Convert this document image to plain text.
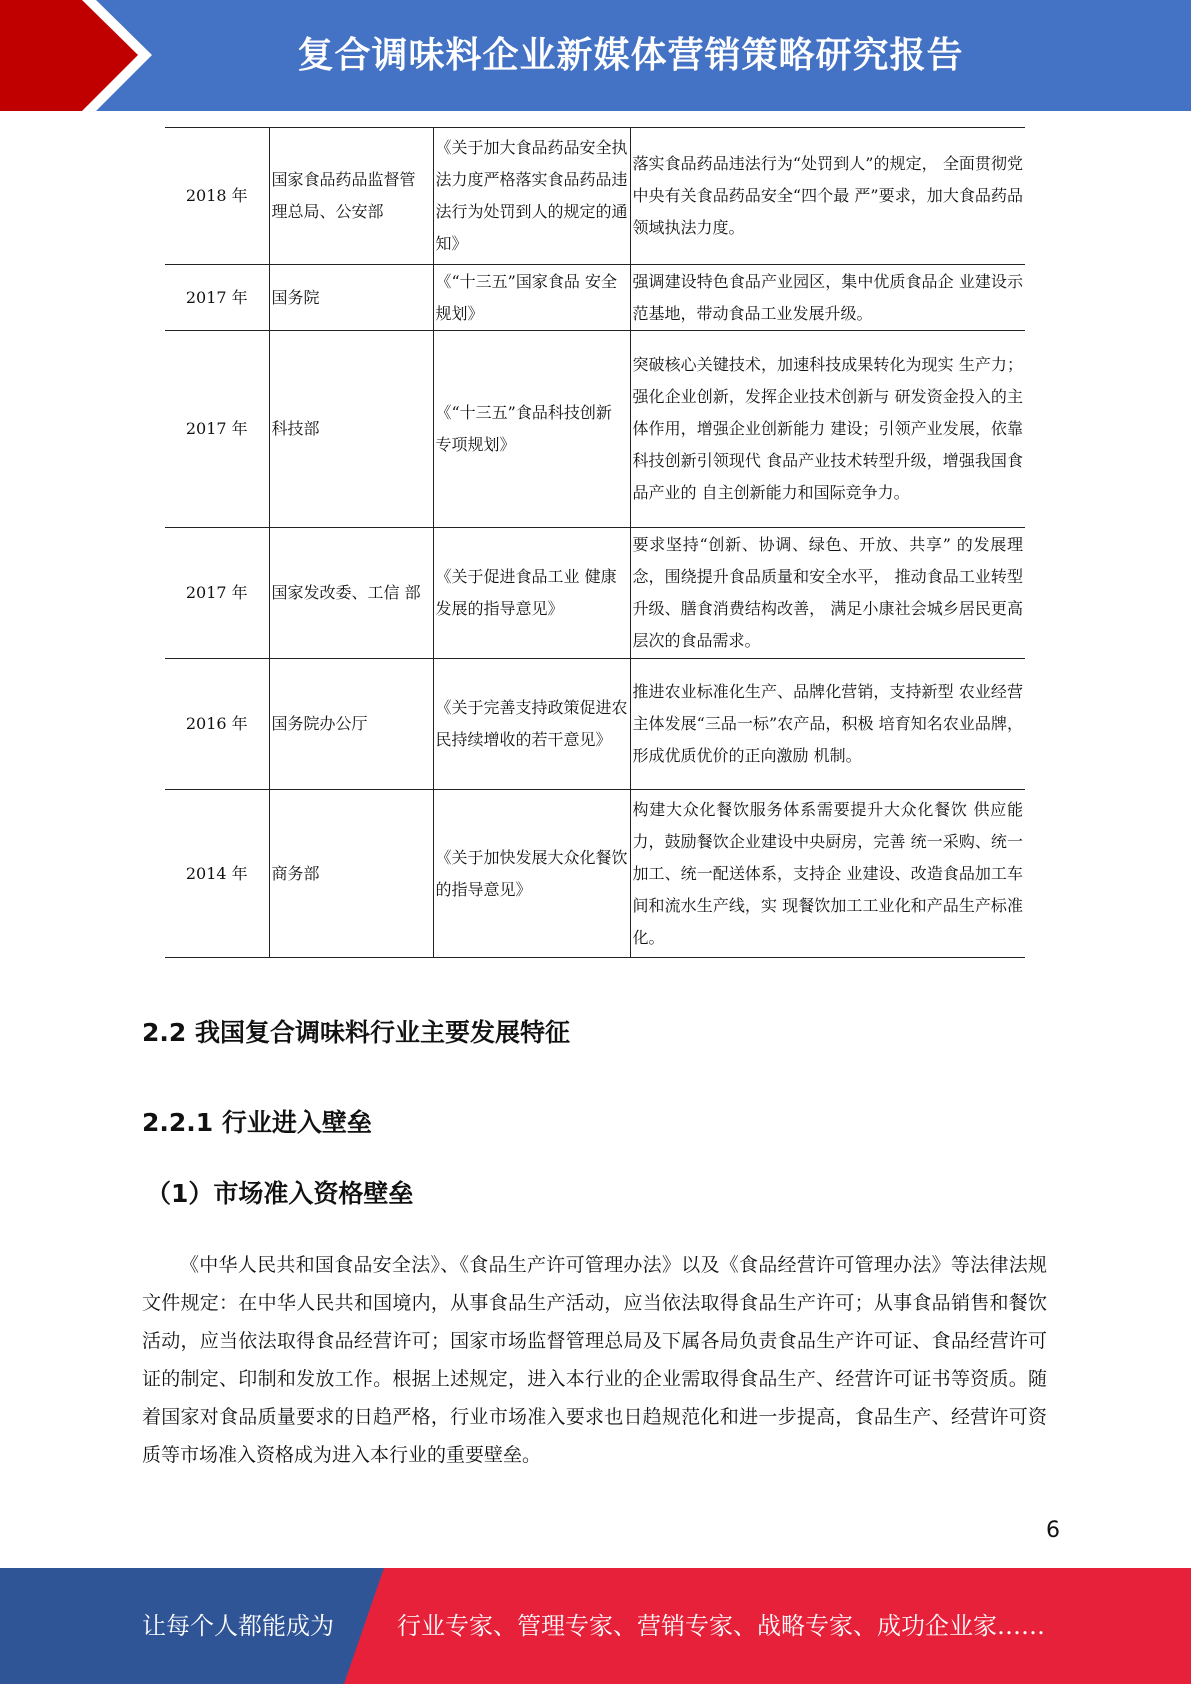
复合调味料企业新媒体营销策略研究报告
2018 年	国家食品药品监督管理总局、公安部	《关于加大食品药品安全执法力度严格落实食品药品违法行为处罚到人的规定的通知》	落实食品药品违法行为“处罚到人”的规定， 全面贯彻党中央有关食品药品安全“四个最 严”要求，加大食品药品领域执法力度。
2017 年	国务院	《“十三五”国家食品 安全规划》	强调建设特色食品产业园区，集中优质食品企 业建设示范基地，带动食品工业发展升级。
2017 年	科技部	《“十三五”食品科技创新专项规划》	突破核心关键技术，加速科技成果转化为现实 生产力；强化企业创新，发挥企业技术创新与 研发资金投入的主体作用，增强企业创新能力 建设；引领产业发展，依靠科技创新引领现代 食品产业技术转型升级，增强我国食品产业的 自主创新能力和国际竞争力。
2017 年	国家发改委、工信 部	《关于促进食品工业 健康发展的指导意见》	要求坚持“创新、协调、绿色、开放、共享” 的发展理念，围绕提升食品质量和安全水平， 推动食品工业转型升级、膳食消费结构改善， 满足小康社会城乡居民更高层次的食品需求。
2016 年	国务院办公厅	《关于完善支持政策促进农民持续增收的若干意见》	推进农业标准化生产、品牌化营销，支持新型 农业经营主体发展“三品一标”农产品，积极 培育知名农业品牌，形成优质优价的正向激励 机制。
2014 年	商务部	《关于加快发展大众化餐饮的指导意见》	构建大众化餐饮服务体系需要提升大众化餐饮 供应能力，鼓励餐饮企业建设中央厨房，完善 统一采购、统一加工、统一配送体系，支持企 业建设、改造食品加工车间和流水生产线，实 现餐饮加工工业化和产品生产标准化。
2.2 我国复合调味料行业主要发展特征
2.2.1 行业进入壁垒
（1）市场准入资格壁垒
《中华人民共和国食品安全法》、《食品生产许可管理办法》以及《食品经营许可管理办法》等法律法规文件规定：在中华人民共和国境内，从事食品生产活动，应当依法取得食品生产许可；从事食品销售和餐饮活动，应当依法取得食品经营许可；国家市场监督管理总局及下属各局负责食品生产许可证、食品经营许可证的制定、印制和发放工作。根据上述规定，进入本行业的企业需取得食品生产、经营许可证书等资质。随着国家对食品质量要求的日趋严格，行业市场准入要求也日趋规范化和进一步提高，食品生产、经营许可资质等市场准入资格成为进入本行业的重要壁垒。
6
让每个人都能成为	行业专家、管理专家、营销专家、战略专家、成功企业家……
